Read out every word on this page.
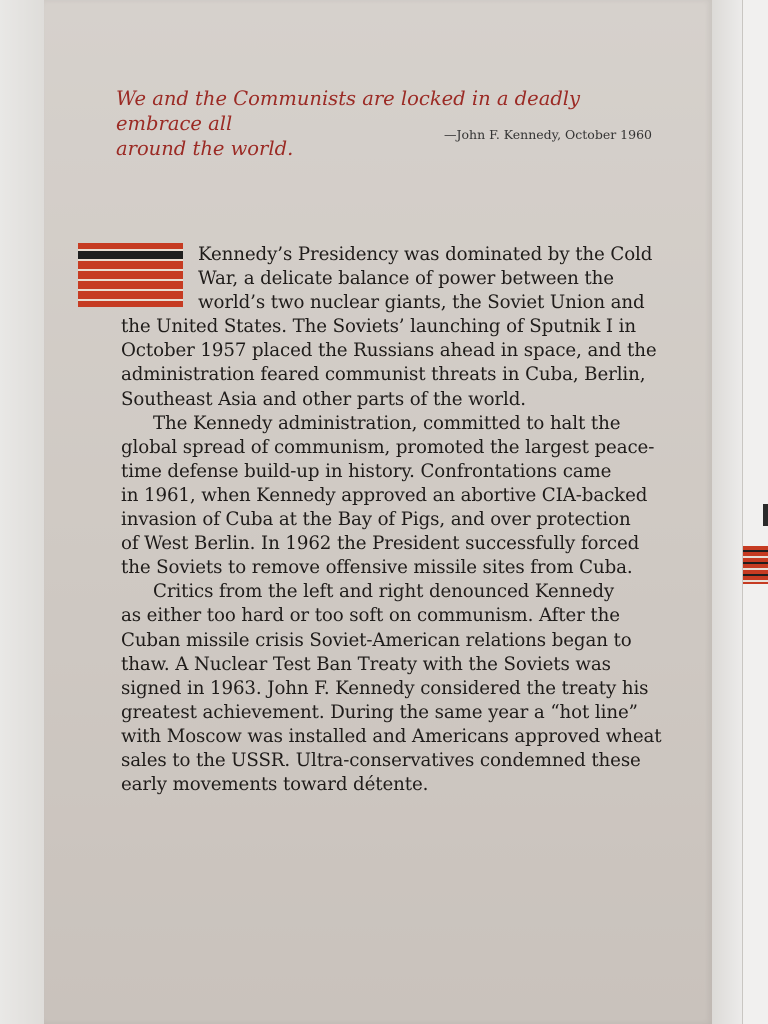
We and the Communists are locked in a deadly embrace all
around the world.

—John F. Kennedy, October 1960

Kennedy’s Presidency was dominated by the Cold
War, a delicate balance of power between the
world’s two nuclear giants, the Soviet Union and
the United States. The Soviets’ launching of Sputnik I in
October 1957 placed the Russians ahead in space, and the
administration feared communist threats in Cuba, Berlin,
Southeast Asia and other parts of the world.
The Kennedy administration, committed to halt the
global spread of communism, promoted the largest peace-
time defense build-up in history. Confrontations came
in 1961, when Kennedy approved an abortive CIA-backed
invasion of Cuba at the Bay of Pigs, and over protection
of West Berlin. In 1962 the President successfully forced
the Soviets to remove offensive missile sites from Cuba.
Critics from the left and right denounced Kennedy
as either too hard or too soft on communism. After the
Cuban missile crisis Soviet-American relations began to
thaw. A Nuclear Test Ban Treaty with the Soviets was
signed in 1963. John F. Kennedy considered the treaty his
greatest achievement. During the same year a “hot line”
with Moscow was installed and Americans approved wheat
sales to the USSR. Ultra-conservatives condemned these
early movements toward détente.
